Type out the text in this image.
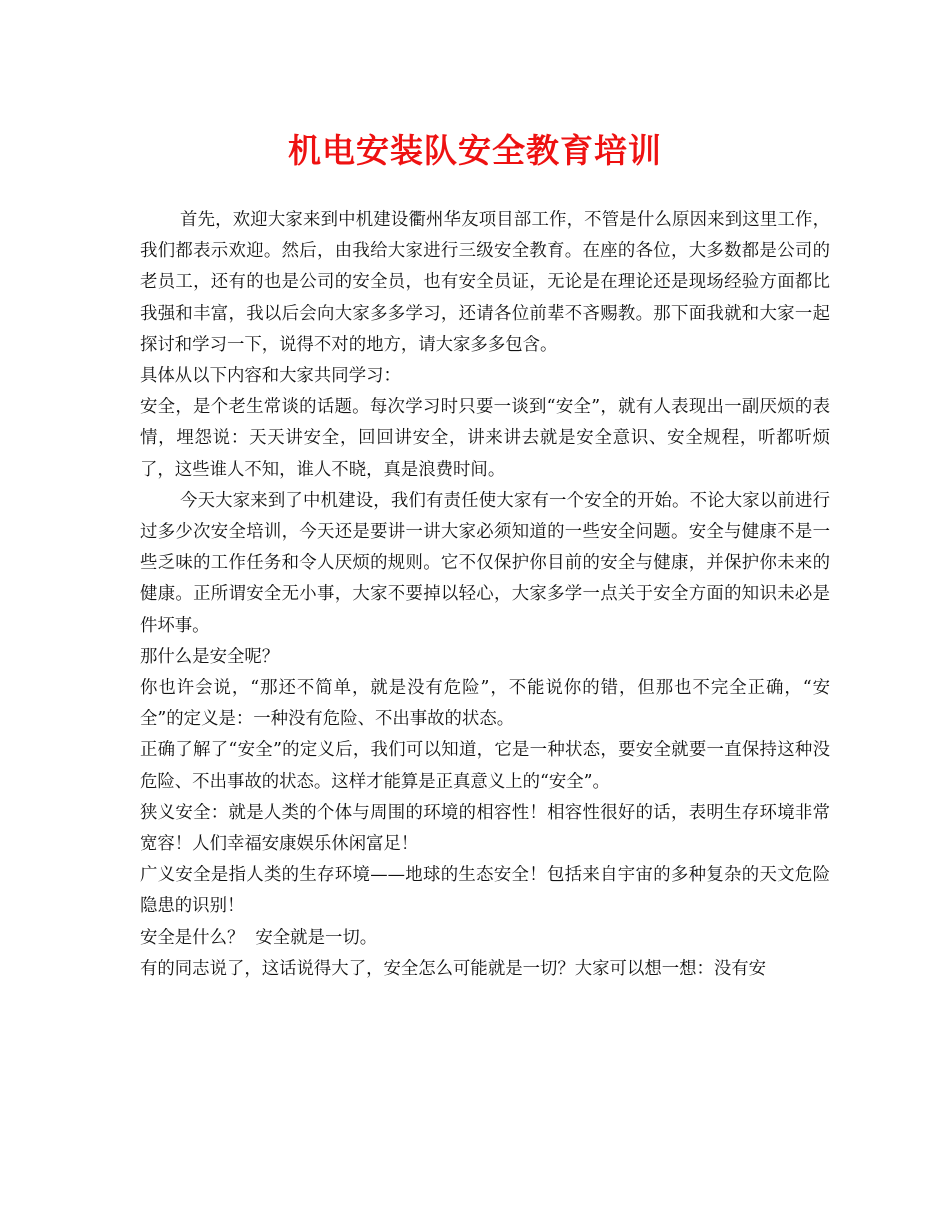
机电安装队安全教育培训

首先，欢迎大家来到中机建设衢州华友项目部工作，不管是什么原因来到这里工作，我们都表示欢迎。然后，由我给大家进行三级安全教育。在座的各位，大多数都是公司的老员工，还有的也是公司的安全员，也有安全员证，无论是在理论还是现场经验方面都比我强和丰富，我以后会向大家多多学习，还请各位前辈不吝赐教。那下面我就和大家一起探讨和学习一下，说得不对的地方，请大家多多包含。

具体从以下内容和大家共同学习：

安全，是个老生常谈的话题。每次学习时只要一谈到“安全”，就有人表现出一副厌烦的表情，埋怨说：天天讲安全，回回讲安全，讲来讲去就是安全意识、安全规程，听都听烦了，这些谁人不知，谁人不晓，真是浪费时间。

今天大家来到了中机建设，我们有责任使大家有一个安全的开始。不论大家以前进行过多少次安全培训，今天还是要讲一讲大家必须知道的一些安全问题。安全与健康不是一些乏味的工作任务和令人厌烦的规则。它不仅保护你目前的安全与健康，并保护你未来的健康。正所谓安全无小事，大家不要掉以轻心，大家多学一点关于安全方面的知识未必是件坏事。

那什么是安全呢？

你也许会说，“那还不简单，就是没有危险”，不能说你的错，但那也不完全正确，“安全”的定义是：一种没有危险、不出事故的状态。

正确了解了“安全”的定义后，我们可以知道，它是一种状态，要安全就要一直保持这种没危险、不出事故的状态。这样才能算是正真意义上的“安全”。

狭义安全：就是人类的个体与周围的环境的相容性！相容性很好的话，表明生存环境非常宽容！人们幸福安康娱乐休闲富足！

广义安全是指人类的生存环境——地球的生态安全！包括来自宇宙的多种复杂的天文危险隐患的识别！

安全是什么？  安全就是一切。

有的同志说了，这话说得大了，安全怎么可能就是一切？大家可以想一想：没有安
